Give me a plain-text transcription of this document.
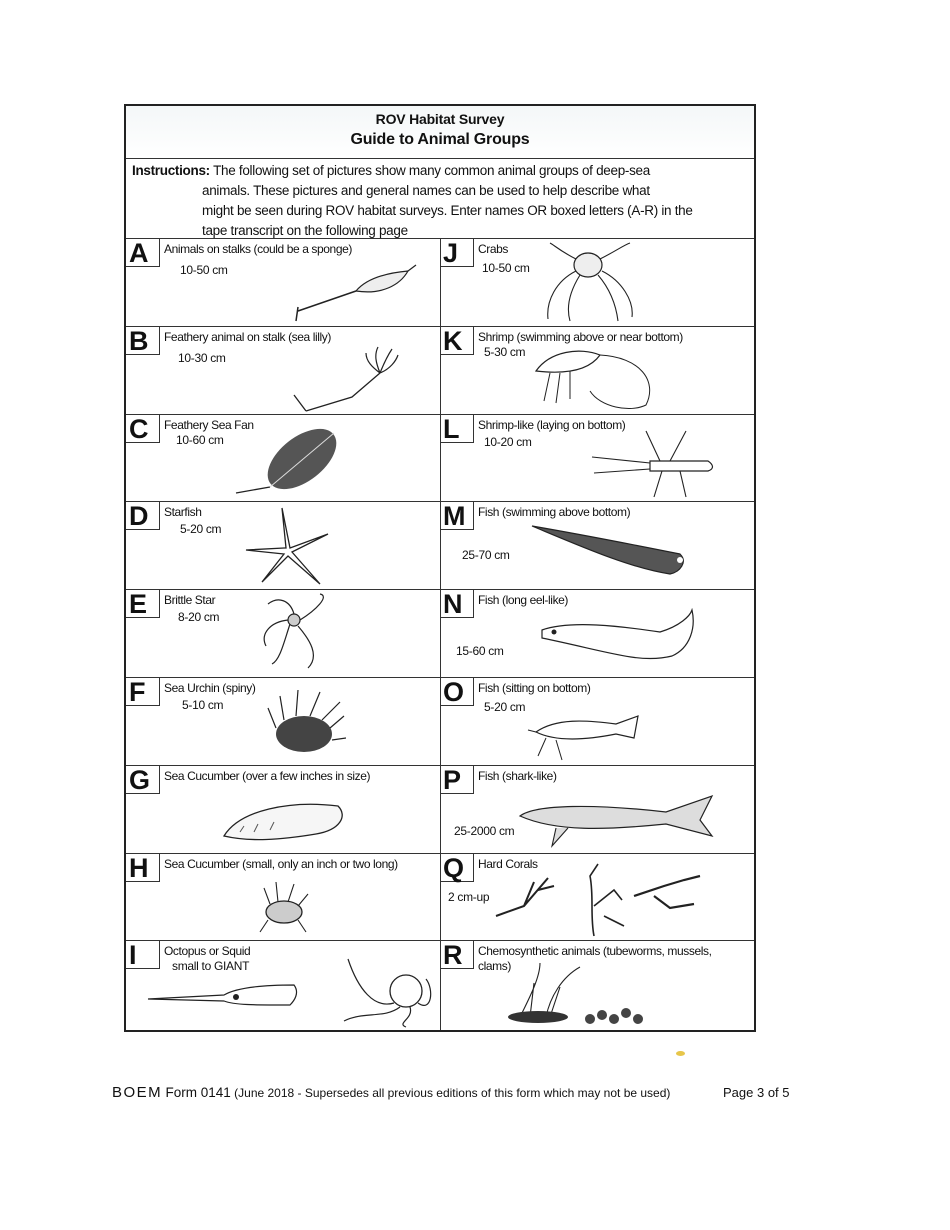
ROV Habitat Survey
Guide to Animal Groups
Instructions: The following set of pictures show many common animal groups of deep-sea
animals. These pictures and general names can be used to help describe what
might be seen during ROV habitat surveys. Enter names OR boxed letters (A-R) in the
tape transcript on the following page
A	Animals on stalks (could be a sponge)
10-50 cm
B	Feathery animal on stalk (sea lilly)
10-30 cm
C	Feathery Sea Fan
10-60 cm
D	Starfish
5-20 cm
E	Brittle Star
8-20 cm
F	Sea Urchin (spiny)
5-10 cm
G	Sea Cucumber (over a few inches in size)
H	Sea Cucumber (small, only an inch or two long)
I	Octopus or Squid
small to GIANT
J	Crabs
10-50 cm
K	Shrimp (swimming above or near bottom)
5-30 cm
L	Shrimp-like (laying on bottom)
10-20 cm
M	Fish (swimming above bottom)
25-70 cm
N	Fish (long eel-like)
15-60 cm
O	Fish (sitting on bottom)
5-20 cm
P	Fish (shark-like)
25-2000 cm
Q	Hard Corals
2 cm-up
R	Chemosynthetic animals (tubeworms, mussels, clams)
BOEM Form 0141 (June 2018 - Supersedes all previous editions of this form which may not be used)	Page 3 of 5
